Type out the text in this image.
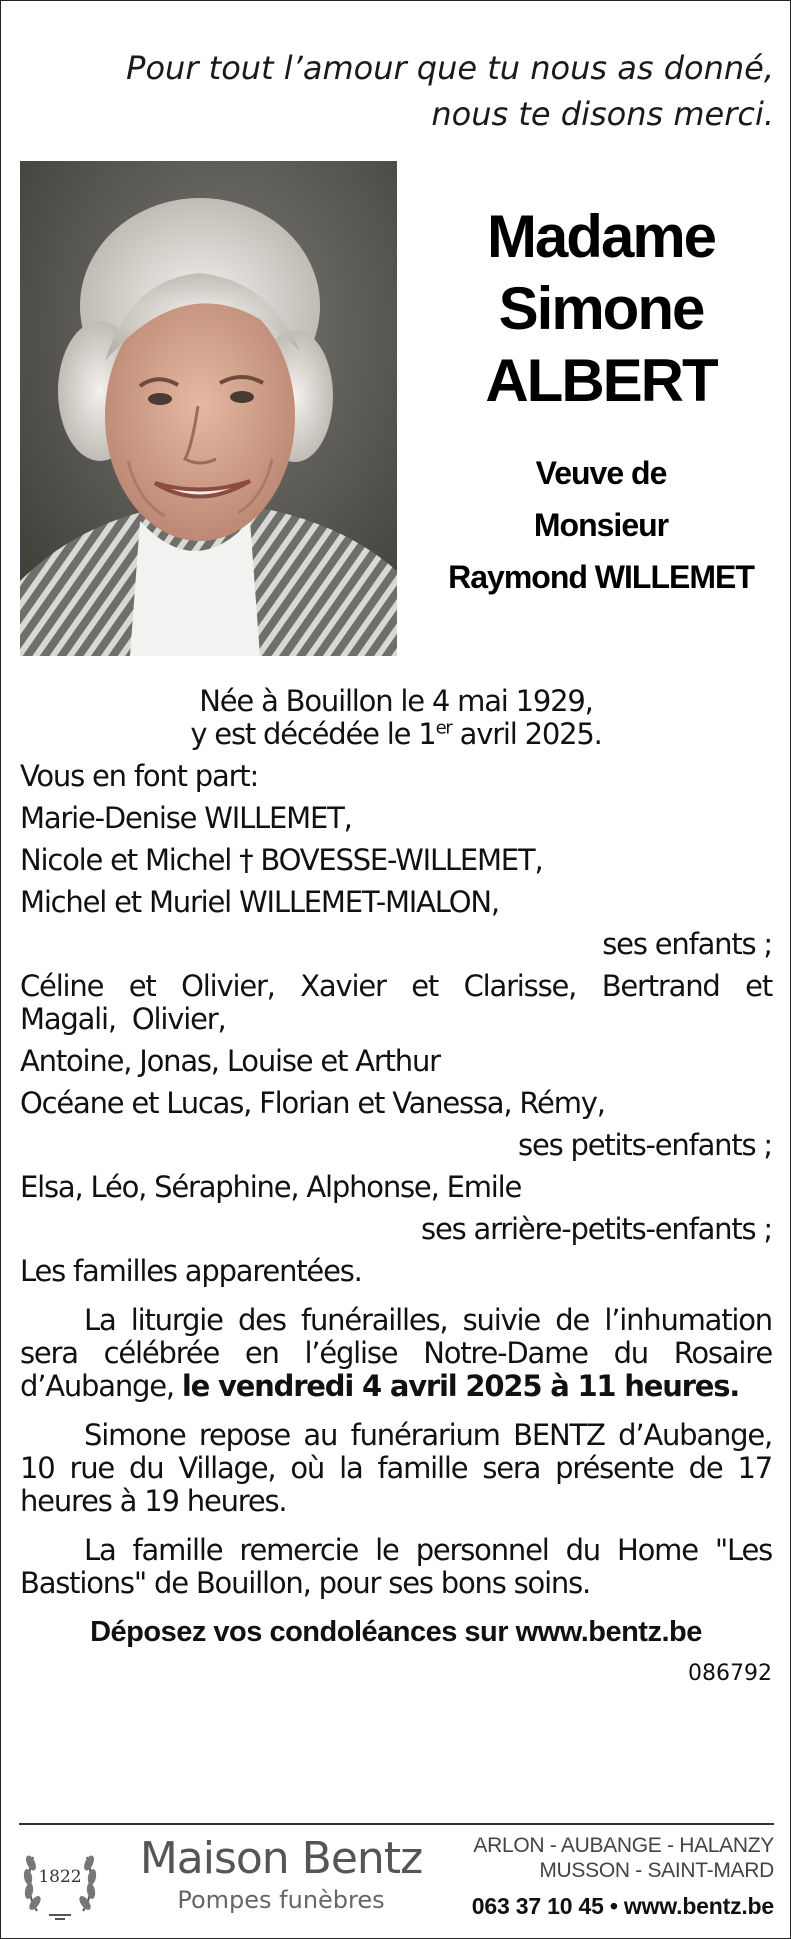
Pour tout l’amour que tu nous as donné,
nous te disons merci.
Madame
Simone
ALBERT
Veuve de
Monsieur
Raymond WILLEMET
Née à Bouillon le 4 mai 1929,
y est décédée le 1er avril 2025.
Vous en font part:
Marie-Denise WILLEMET,
Nicole et Michel † BOVESSE-WILLEMET,
Michel et Muriel WILLEMET-MIALON,
ses enfants ;
Céline et Olivier, Xavier et Clarisse, Bertrand et Magali, Olivier,
Antoine, Jonas, Louise et Arthur
Océane et Lucas, Florian et Vanessa, Rémy,
ses petits-enfants ;
Elsa, Léo, Séraphine, Alphonse, Emile
ses arrière-petits-enfants ;
Les familles apparentées.
La liturgie des funérailles, suivie de l’inhumation sera célébrée en l’église Notre-Dame du Rosaire d’Aubange, le vendredi 4 avril 2025 à 11 heures.
Simone repose au funérarium BENTZ d’Aubange, 10 rue du Village, où la famille sera présente de 17 heures à 19 heures.
La famille remercie le personnel du Home "Les Bastions" de Bouillon, pour ses bons soins.
Déposez vos condoléances sur www.bentz.be
086792
1822	Maison Bentz
Pompes funèbres
ARLON - AUBANGE - HALANZY
MUSSON - SAINT-MARD
063 37 10 45 • www.bentz.be
